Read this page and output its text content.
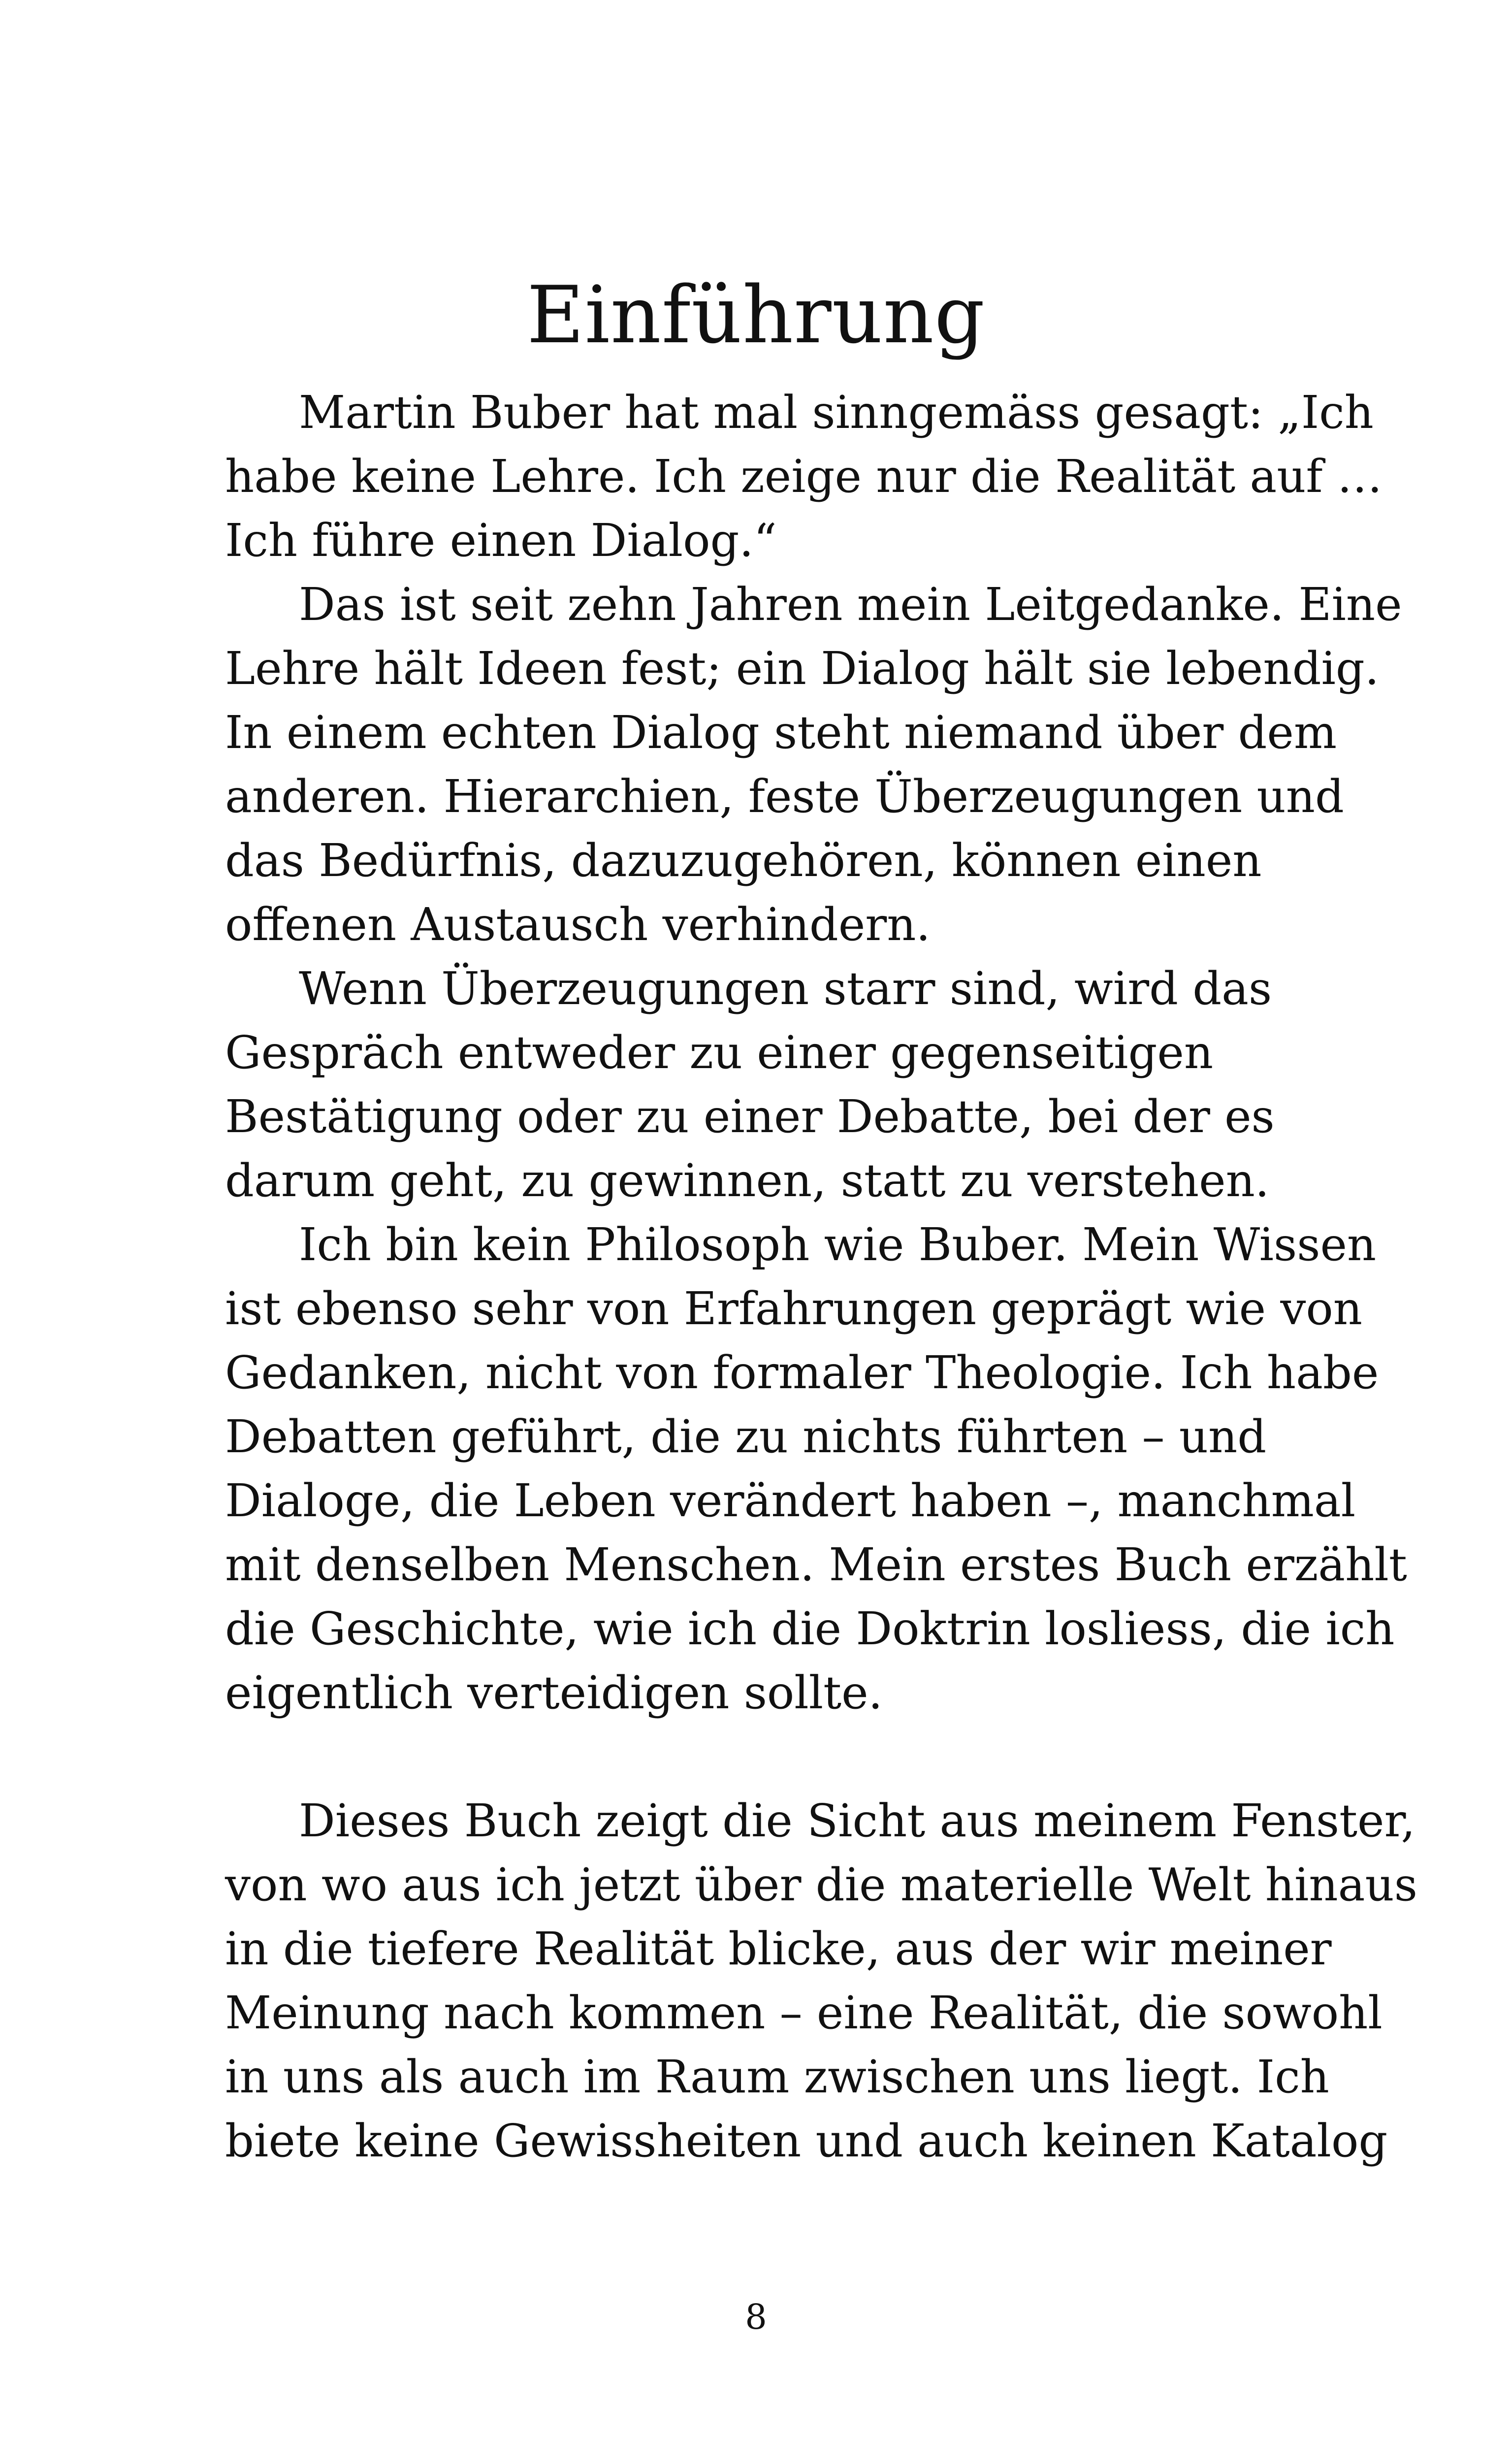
Einführung
Martin Buber hat mal sinngemäss gesagt: „Ich
habe keine Lehre. Ich zeige nur die Realität auf …
Ich führe einen Dialog.“
Das ist seit zehn Jahren mein Leitgedanke. Eine
Lehre hält Ideen fest; ein Dialog hält sie lebendig.
In einem echten Dialog steht niemand über dem
anderen. Hierarchien, feste Überzeugungen und
das Bedürfnis, dazuzugehören, können einen
offenen Austausch verhindern.
Wenn Überzeugungen starr sind, wird das
Gespräch entweder zu einer gegenseitigen
Bestätigung oder zu einer Debatte, bei der es
darum geht, zu gewinnen, statt zu verstehen.
Ich bin kein Philosoph wie Buber. Mein Wissen
ist ebenso sehr von Erfahrungen geprägt wie von
Gedanken, nicht von formaler Theologie. Ich habe
Debatten geführt, die zu nichts führten – und
Dialoge, die Leben verändert haben –, manchmal
mit denselben Menschen. Mein erstes Buch erzählt
die Geschichte, wie ich die Doktrin losliess, die ich
eigentlich verteidigen sollte.
Dieses Buch zeigt die Sicht aus meinem Fenster,
von wo aus ich jetzt über die materielle Welt hinaus
in die tiefere Realität blicke, aus der wir meiner
Meinung nach kommen – eine Realität, die sowohl
in uns als auch im Raum zwischen uns liegt. Ich
biete keine Gewissheiten und auch keinen Katalog
8
